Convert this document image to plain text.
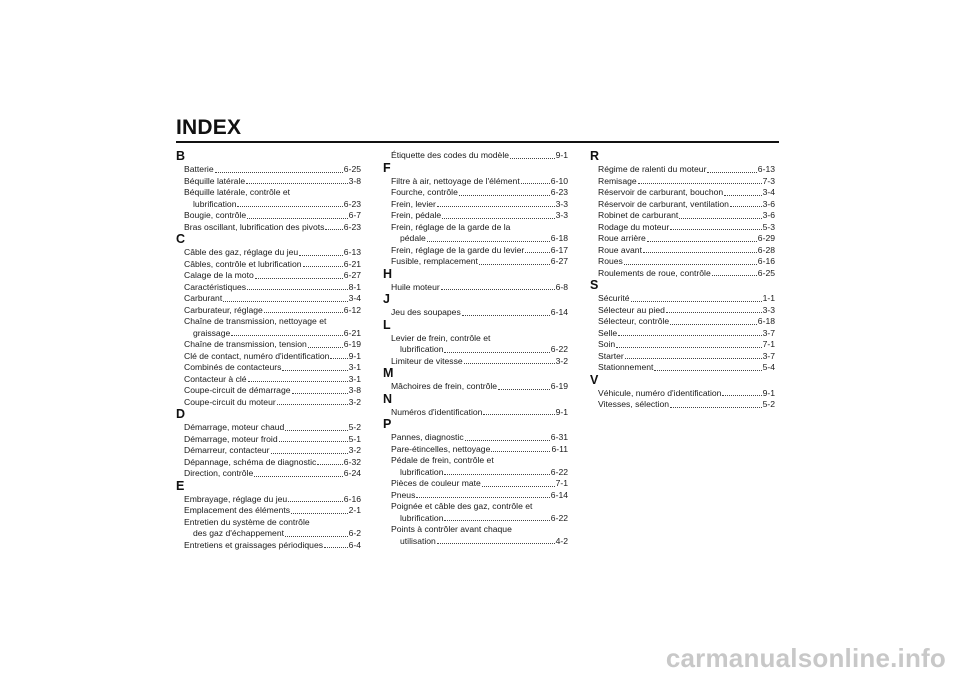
INDEX
B
Batterie	6-25
Béquille latérale	3-8
Béquille latérale, contrôle et
lubrification	6-23
Bougie, contrôle	6-7
Bras oscillant, lubrification des pivots 6-23
C
Câble des gaz, réglage du jeu	6-13
Câbles, contrôle et lubrification	6-21
Calage de la moto	6-27
Caractéristiques	8-1
Carburant	3-4
Carburateur, réglage	6-12
Chaîne de transmission, nettoyage et
graissage	6-21
Chaîne de transmission, tension	6-19
Clé de contact, numéro d'identification 9-1
Combinés de contacteurs	3-1
Contacteur à clé	3-1
Coupe-circuit de démarrage	3-8
Coupe-circuit du moteur	3-2
D
Démarrage, moteur chaud	5-2
Démarrage, moteur froid	5-1
Démarreur, contacteur	3-2
Dépannage, schéma de diagnostic	6-32
Direction, contrôle	6-24
E
Embrayage, réglage du jeu	6-16
Emplacement des éléments	2-1
Entretien du système de contrôle
des gaz d'échappement	6-2
Entretiens et graissages périodiques	6-4
Étiquette des codes du modèle	9-1
F
Filtre à air, nettoyage de l'élément	6-10
Fourche, contrôle	6-23
Frein, levier	3-3
Frein, pédale	3-3
Frein, réglage de la garde de la
pédale	6-18
Frein, réglage de la garde du levier	6-17
Fusible, remplacement	6-27
H
Huile moteur	6-8
J
Jeu des soupapes	6-14
L
Levier de frein, contrôle et
lubrification	6-22
Limiteur de vitesse	3-2
M
Mâchoires de frein, contrôle	6-19
N
Numéros d'identification	9-1
P
Pannes, diagnostic	6-31
Pare-étincelles, nettoyage	6-11
Pédale de frein, contrôle et
lubrification	6-22
Pièces de couleur mate	7-1
Pneus	6-14
Poignée et câble des gaz, contrôle et
lubrification	6-22
Points à contrôler avant chaque
utilisation	4-2
R
Régime de ralenti du moteur	6-13
Remisage	7-3
Réservoir de carburant, bouchon	3-4
Réservoir de carburant, ventilation	3-6
Robinet de carburant	3-6
Rodage du moteur	5-3
Roue arrière	6-29
Roue avant	6-28
Roues	6-16
Roulements de roue, contrôle	6-25
S
Sécurité	1-1
Sélecteur au pied	3-3
Sélecteur, contrôle	6-18
Selle	3-7
Soin	7-1
Starter	3-7
Stationnement	5-4
V
Véhicule, numéro d'identification	9-1
Vitesses, sélection	5-2
carmanualsonline.info
